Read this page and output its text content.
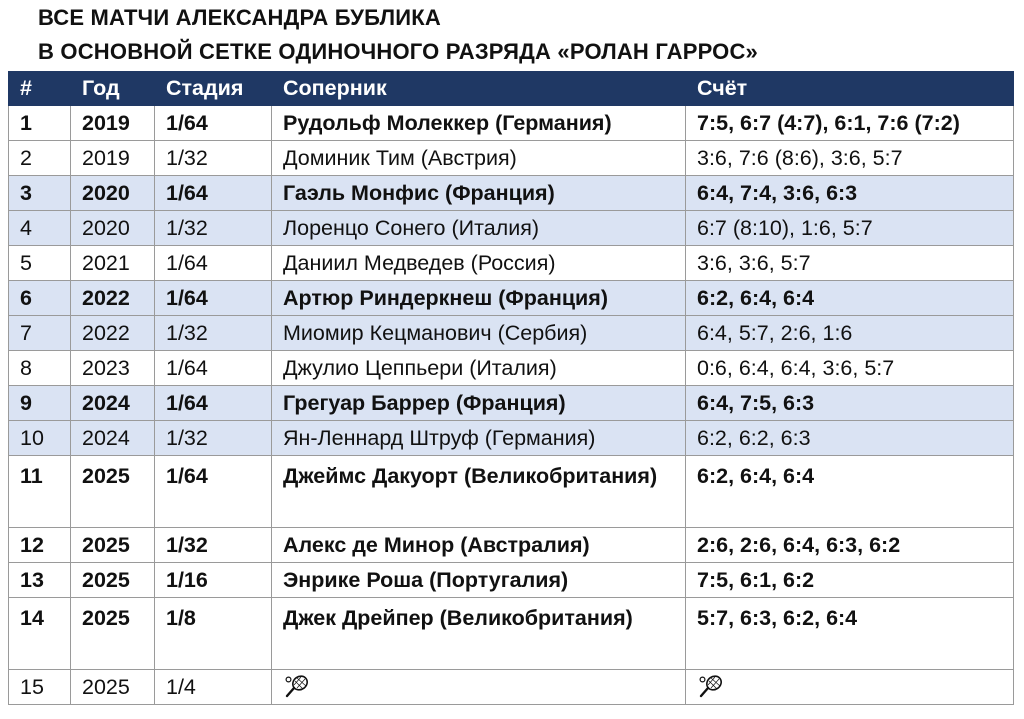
ВСЕ МАТЧИ АЛЕКСАНДРА БУБЛИКА
В ОСНОВНОЙ СЕТКЕ ОДИНОЧНОГО РАЗРЯДА «РОЛАН ГАРРОС»
#	Год	Стадия	Соперник	Счёт
1	2019	1/64	Рудольф Молеккер (Германия)	7:5, 6:7 (4:7), 6:1, 7:6 (7:2)
2	2019	1/32	Доминик Тим (Австрия)	3:6, 7:6 (8:6), 3:6, 5:7
3	2020	1/64	Гаэль Монфис (Франция)	6:4, 7:4, 3:6, 6:3
4	2020	1/32	Лоренцо Сонего (Италия)	6:7 (8:10), 1:6, 5:7
5	2021	1/64	Даниил Медведев (Россия)	3:6, 3:6, 5:7
6	2022	1/64	Артюр Риндеркнеш (Франция)	6:2, 6:4, 6:4
7	2022	1/32	Миомир Кецманович (Сербия)	6:4, 5:7, 2:6, 1:6
8	2023	1/64	Джулио Цеппьери (Италия)	0:6, 6:4, 6:4, 3:6, 5:7
9	2024	1/64	Грегуар Баррер (Франция)	6:4, 7:5, 6:3
10	2024	1/32	Ян-Леннард Штруф (Германия)	6:2, 6:2, 6:3
11	2025	1/64	Джеймс Дакуорт (Великобритания)	6:2, 6:4, 6:4
12	2025	1/32	Алекс де Минор (Австралия)	2:6, 2:6, 6:4, 6:3, 6:2
13	2025	1/16	Энрике Роша (Португалия)	7:5, 6:1, 6:2
14	2025	1/8	Джек Дрейпер (Великобритания)	5:7, 6:3, 6:2, 6:4
15	2025	1/4		
